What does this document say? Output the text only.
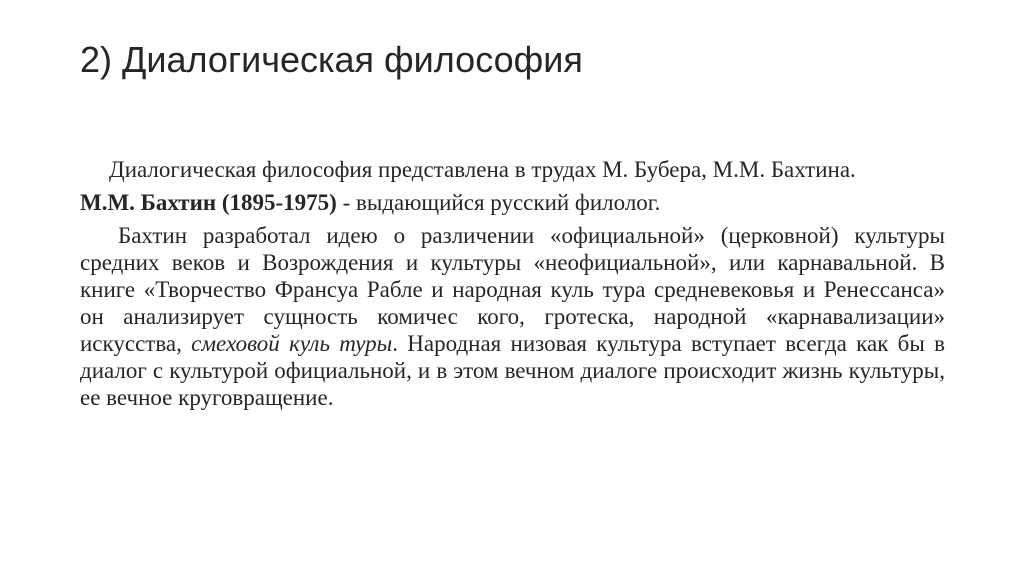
2) Диалогическая философия

Диалогическая философия представлена в трудах М. Бубера, М.М. Бахтина.

М.М. Бахтин (1895-1975) - выдающийся русский филолог.

Бахтин разработал идею о различении «официальной» (церковной) культуры средних веков и Возрождения и культуры «неофициальной», или карнавальной. В книге «Творчество Франсуа Рабле и народная куль тура средневековья и Ренессанса» он анализирует сущность комичес кого, гротеска, народной «карнавализации» искусства, смеховой куль туры. Народная низовая культура вступает всегда как бы в диалог с культурой официальной, и в этом вечном диалоге происходит жизнь культуры, ее вечное круговращение.
